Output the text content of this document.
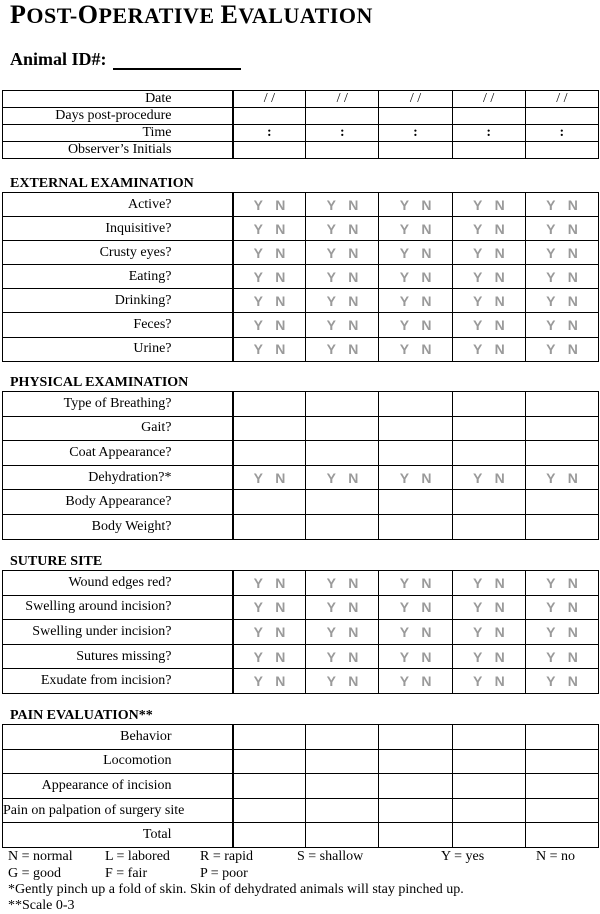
POST-OPERATIVE EVALUATION
Animal ID#:
Date	/ /	/ /	/ /	/ /	/ /
Days post-procedure					
Time	:	:	:	:	:
Observer’s Initials					
EXTERNAL EXAMINATION
Active?	Y N	Y N	Y N	Y N	Y N
Inquisitive?	Y N	Y N	Y N	Y N	Y N
Crusty eyes?	Y N	Y N	Y N	Y N	Y N
Eating?	Y N	Y N	Y N	Y N	Y N
Drinking?	Y N	Y N	Y N	Y N	Y N
Feces?	Y N	Y N	Y N	Y N	Y N
Urine?	Y N	Y N	Y N	Y N	Y N
PHYSICAL EXAMINATION
Type of Breathing?					
Gait?					
Coat Appearance?					
Dehydration?*	Y N	Y N	Y N	Y N	Y N
Body Appearance?					
Body Weight?					
SUTURE SITE
Wound edges red?	Y N	Y N	Y N	Y N	Y N
Swelling around incision?	Y N	Y N	Y N	Y N	Y N
Swelling under incision?	Y N	Y N	Y N	Y N	Y N
Sutures missing?	Y N	Y N	Y N	Y N	Y N
Exudate from incision?	Y N	Y N	Y N	Y N	Y N
PAIN EVALUATION**
Behavior					
Locomotion					
Appearance of incision					
Pain on palpation of surgery site					
Total					
N = normal L = labored R = rapid	S = shallow	Y = yes	N = no
G = good	F = fair	P = poor
*Gently pinch up a fold of skin. Skin of dehydrated animals will stay pinched up.
**Scale 0-3
